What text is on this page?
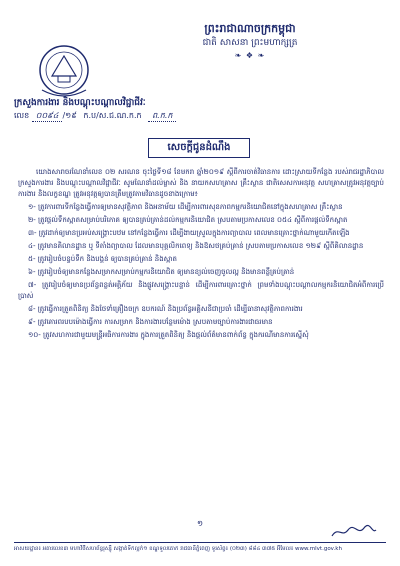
ព្រះរាជាណាចក្រកម្ពុជា
ជាតិ សាសនា ព្រះមហាក្សត្រ
❧ ❖ ❧
ក្រសួងការងារ និងបណ្តុះបណ្តាលវិជ្ជាជីវៈ
លេខ ០០៩៤ /១៩ ក.ប/ស.ជ.ណ.ក.ក ព.ក.ក
សេចក្តីជូនដំណឹង

យោងសារាចរណែនាំលេខ ០២ សរណន ចុះថ្ងៃទី១៨ ខែមករា ឆ្នាំ២០១៩ ស្តីពីការចាត់វិធានការ ដោះស្រាយទីកន្លែង របស់រាជរដ្ឋាភិបាល ក្រសួងការងារ និងបណ្តុះបណ្តាលវិជ្ជាជីវៈ សូមណែនាំដល់ម្ចាស់ និង នាយកសហគ្រាស គ្រឹះស្ថាន ជាតិសេសកាអនុវត្ត សហគ្រាសត្រូវអនុវត្តច្បាប់ការងារ និងលក្ខខណ្ឌ ត្រូវអនុវត្តឲ្យបានត្រឹមត្រូវតាមវិធានដូចខាងក្រោម៖

១- ត្រូវការពារទីកន្លែងធ្វើការឲ្យមានសុវត្ថិភាព និងអនាម័យ ដើម្បីការពារសុខភាពកម្មករនិយោជិតនៅក្នុងសហគ្រាស គ្រឹះស្ថាន

២- ត្រូវផ្តល់ទឹកស្អាតសម្រាប់បរិភោគ ឲ្យបានគ្រប់គ្រាន់ដល់កម្មករនិយោជិត ស្របតាមប្រកាសលេខ ០៥៤ ស្តីពីការផ្តល់ទឹកស្អាត

៣- ត្រូវដាក់ឲ្យមានប្រអប់សង្គ្រោះបឋម នៅកន្លែងធ្វើការ ដើម្បីងាយស្រួលក្នុងការព្យាបាល ពេលមានគ្រោះថ្នាក់ណាមួយកើតឡើង

៤- ត្រូវមានគិលានដ្ឋាន ឬ ទីតាំងព្យាបាល ដែលមានបុគ្គលិកពេទ្យ និងឱសថគ្រប់គ្រាន់ ស្របតាមប្រកាសលេខ ១២៩ ស្តីពីគិលានដ្ឋាន

៥- ត្រូវរៀបចំបន្ទប់ទឹក និងបង្គន់ ឲ្យបានគ្រប់គ្រាន់ និងស្អាត

៦- ត្រូវរៀបចំឲ្យមានកន្លែងសម្រាកសម្រាប់កម្មករនិយោជិត ឲ្យមានខ្យល់ចេញចូលល្អ និងមានពន្លឺគ្រប់គ្រាន់

៧- ត្រូវរៀបចំឲ្យមានប្រព័ន្ធពន្លត់អគ្គិភ័យ និងផ្លូវសង្គ្រោះបន្ទាន់ ដើម្បីការពារគ្រោះថ្នាក់ ព្រមទាំងបណ្តុះបណ្តាលកម្មករនិយោជិតអំពីការប្រើប្រាស់

៨- ត្រូវធ្វើការត្រួតពិនិត្យ និងថែទាំគ្រឿងចក្រ ឧបករណ៍ និងប្រព័ន្ធអគ្គិសនីជាប្រចាំ ដើម្បីធានាសុវត្ថិភាពការងារ

៩- ត្រូវគោរពរបបម៉ោងធ្វើការ ការសម្រាក និងការងារបន្ថែមម៉ោង ស្របតាមច្បាប់ការងារជាធរមាន

១០- ត្រូវសហការជាមួយមន្ត្រីអធិការការងារ ក្នុងការត្រួតពិនិត្យ និងផ្តល់ព័ត៌មានពាក់ព័ន្ធ ក្នុងករណីមានការស្នើសុំ

១
អាសយដ្ឋាន៖ អគារលេខ៣ មហាវិថីសហព័ន្ធរុស្ស៊ី សង្កាត់ទឹកល្អក់១ ខណ្ឌទួលគោក រាជធានីភ្នំពេញ ទូរស័ព្ទ៖ (០២៣) ៨៨៤ ៣៧៥ អ៊ីមែល៖ www.mlvt.gov.kh
